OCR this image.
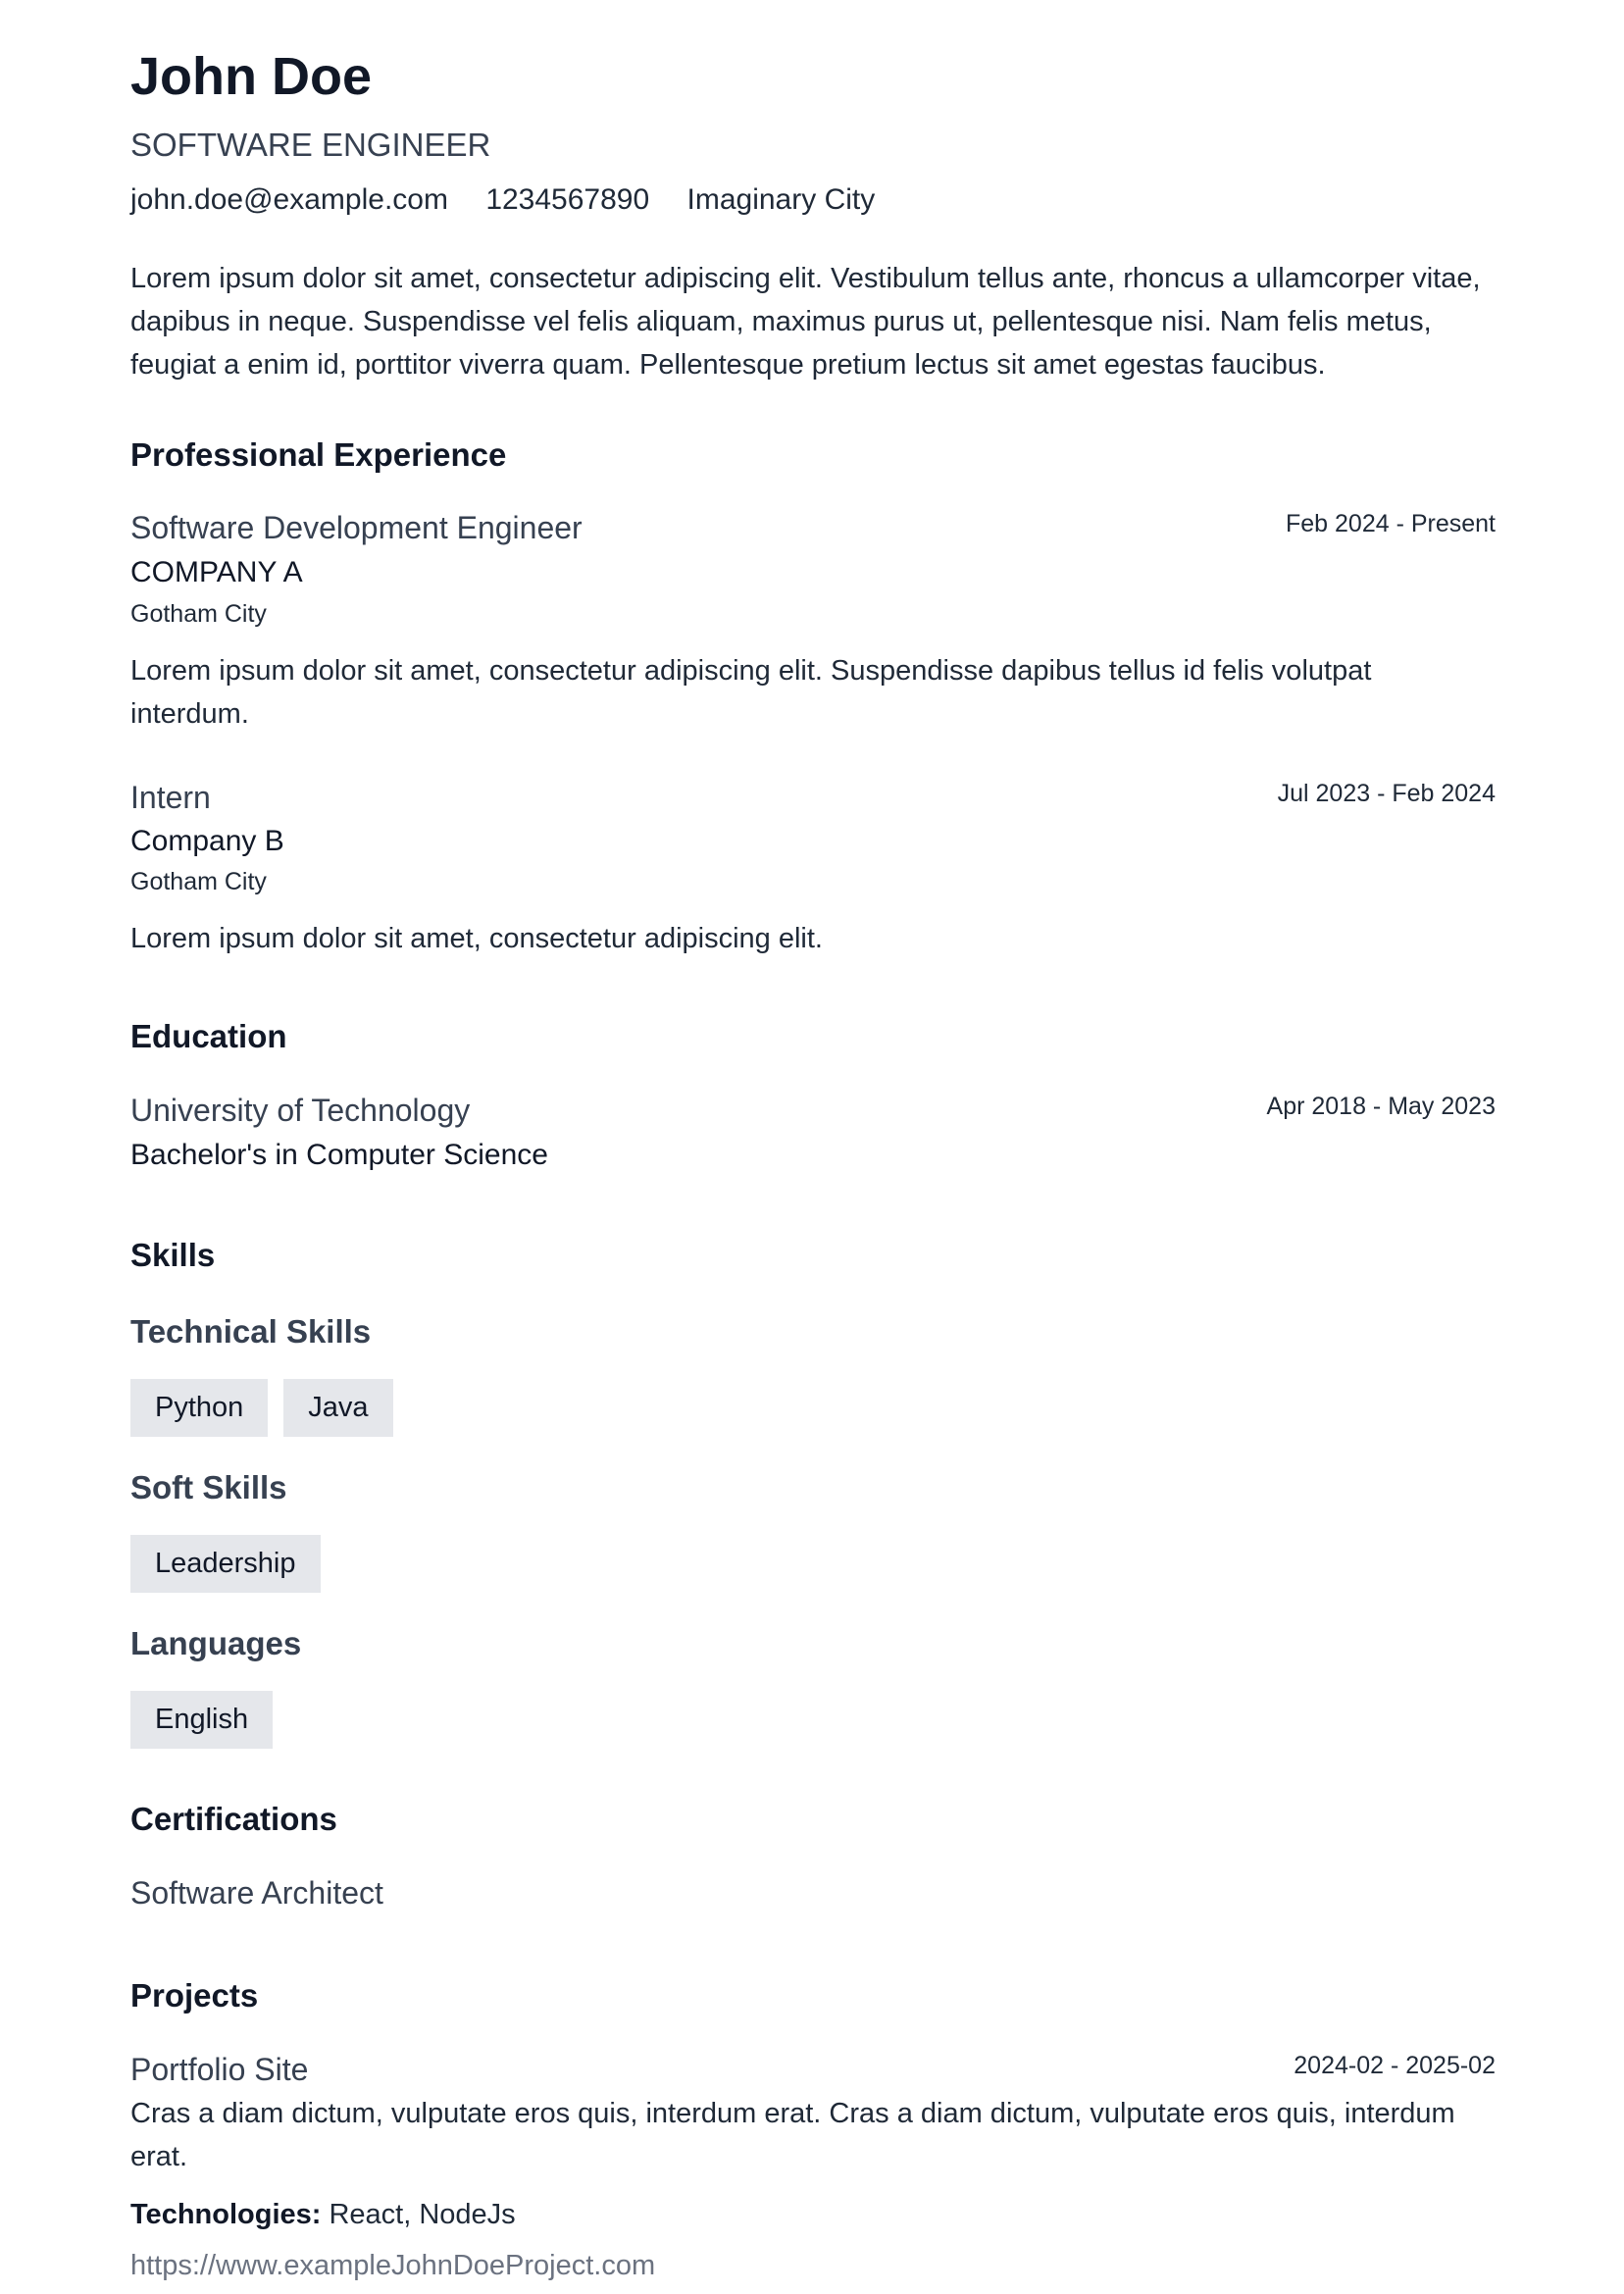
John Doe
SOFTWARE ENGINEER
john.doe@example.com 1234567890 Imaginary City

Lorem ipsum dolor sit amet, consectetur adipiscing elit. Vestibulum tellus ante, rhoncus a ullamcorper vitae, dapibus in neque. Suspendisse vel felis aliquam, maximus purus ut, pellentesque nisi. Nam felis metus, feugiat a enim id, porttitor viverra quam. Pellentesque pretium lectus sit amet egestas faucibus.

Professional Experience
Software Development Engineer	Feb 2024 - Present
COMPANY A
Gotham City

Lorem ipsum dolor sit amet, consectetur adipiscing elit. Suspendisse dapibus tellus id felis volutpat interdum.

Intern	Jul 2023 - Feb 2024
Company B
Gotham City

Lorem ipsum dolor sit amet, consectetur adipiscing elit.

Education
University of Technology	Apr 2018 - May 2023
Bachelor's in Computer Science
Skills
Technical Skills
Python	Java
Soft Skills
Leadership
Languages
English
Certifications
Software Architect
Projects
Portfolio Site	2024-02 - 2025-02

Cras a diam dictum, vulputate eros quis, interdum erat. Cras a diam dictum, vulputate eros quis, interdum erat.

Technologies: React, NodeJs
https://www.exampleJohnDoeProject.com
